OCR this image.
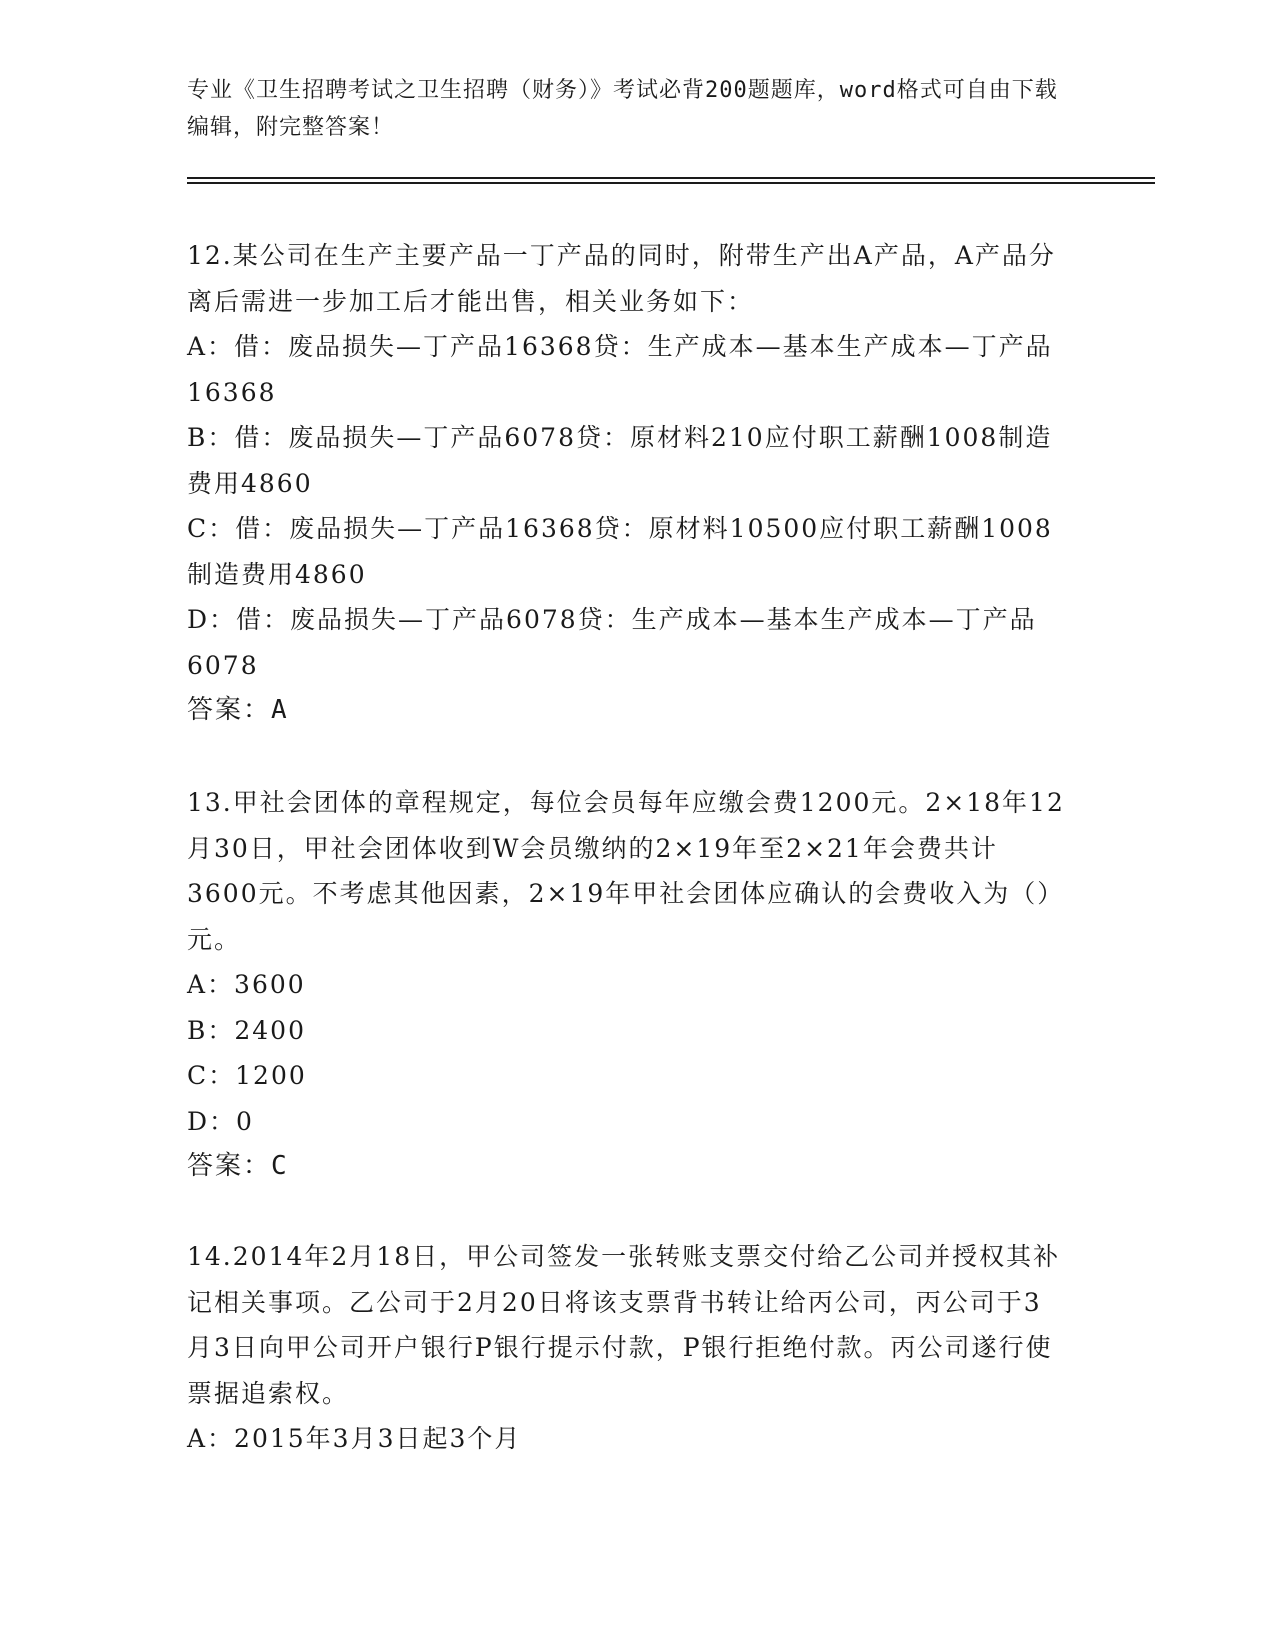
专业《卫生招聘考试之卫生招聘（财务）》考试必背200题题库，word格式可自由下载编辑，附完整答案！

12.某公司在生产主要产品一丁产品的同时，附带生产出A产品，A产品分离后需进一步加工后才能出售，相关业务如下：

A：借：废品损失—丁产品16368贷：生产成本—基本生产成本—丁产品16368

B：借：废品损失—丁产品6078贷：原材料210应付职工薪酬1008制造费用4860

C：借：废品损失—丁产品16368贷：原材料10500应付职工薪酬1008制造费用4860

D：借：废品损失—丁产品6078贷：生产成本—基本生产成本—丁产品6078

答案：A

13.甲社会团体的章程规定，每位会员每年应缴会费1200元。2×18年12月30日，甲社会团体收到W会员缴纳的2×19年至2×21年会费共计3600元。不考虑其他因素，2×19年甲社会团体应确认的会费收入为（）元。

A：3600

B：2400

C：1200

D：0

答案：C

14.2014年2月18日，甲公司签发一张转账支票交付给乙公司并授权其补记相关事项。乙公司于2月20日将该支票背书转让给丙公司，丙公司于3月3日向甲公司开户银行P银行提示付款，P银行拒绝付款。丙公司遂行使票据追索权。

A：2015年3月3日起3个月
